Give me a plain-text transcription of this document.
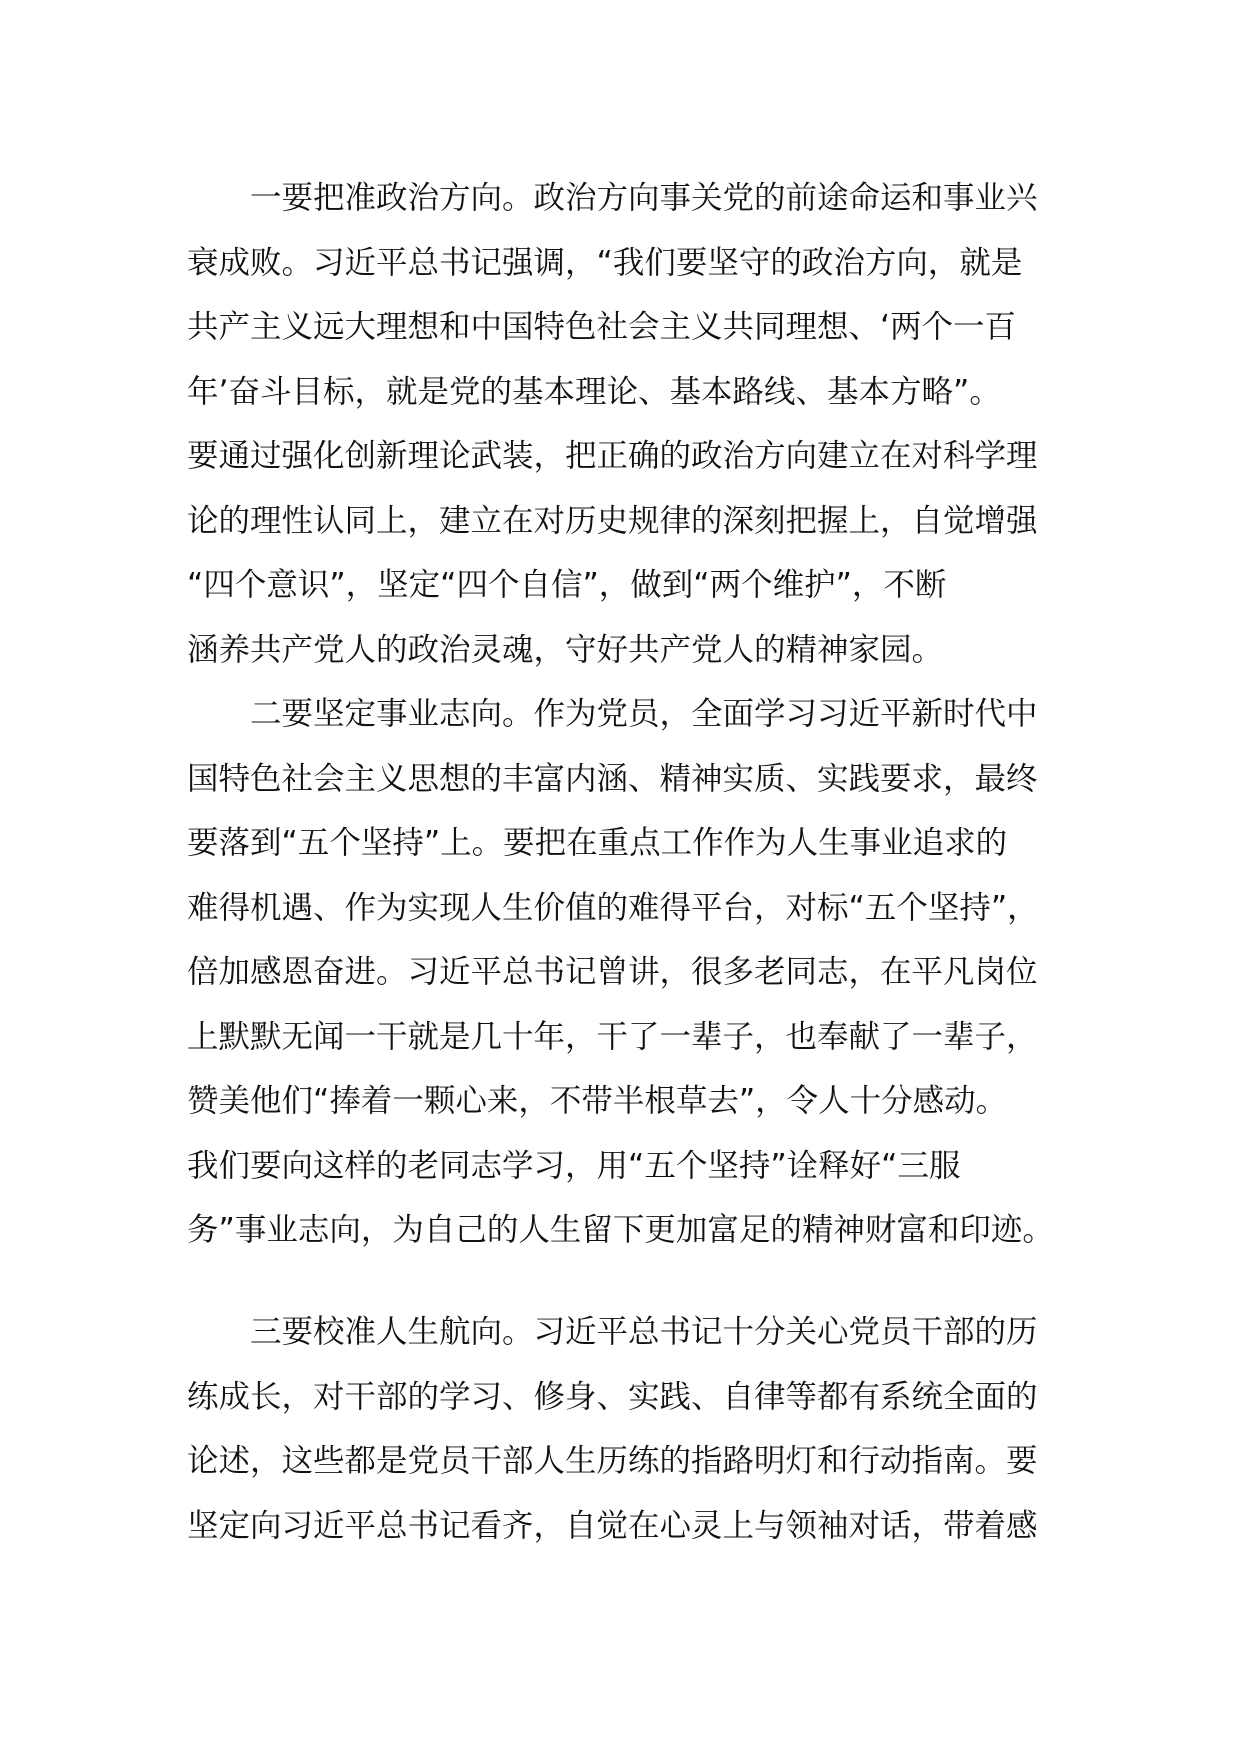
　　一要把准政治方向。政治方向事关党的前途命运和事业兴
衰成败。习近平总书记强调，“我们要坚守的政治方向，就是
共产主义远大理想和中国特色社会主义共同理想、‘两个一百
年’奋斗目标，就是党的基本理论、基本路线、基本方略”。
要通过强化创新理论武装，把正确的政治方向建立在对科学理
论的理性认同上，建立在对历史规律的深刻把握上，自觉增强
“四个意识”，坚定“四个自信”，做到“两个维护”，不断
涵养共产党人的政治灵魂，守好共产党人的精神家园。
　　二要坚定事业志向。作为党员，全面学习习近平新时代中
国特色社会主义思想的丰富内涵、精神实质、实践要求，最终
要落到“五个坚持”上。要把在重点工作作为人生事业追求的
难得机遇、作为实现人生价值的难得平台，对标“五个坚持”，
倍加感恩奋进。习近平总书记曾讲，很多老同志，在平凡岗位
上默默无闻一干就是几十年，干了一辈子，也奉献了一辈子，
赞美他们“捧着一颗心来，不带半根草去”，令人十分感动。
我们要向这样的老同志学习，用“五个坚持”诠释好“三服
务”事业志向，为自己的人生留下更加富足的精神财富和印迹。
　　三要校准人生航向。习近平总书记十分关心党员干部的历
练成长，对干部的学习、修身、实践、自律等都有系统全面的
论述，这些都是党员干部人生历练的指路明灯和行动指南。要
坚定向习近平总书记看齐，自觉在心灵上与领袖对话，带着感
